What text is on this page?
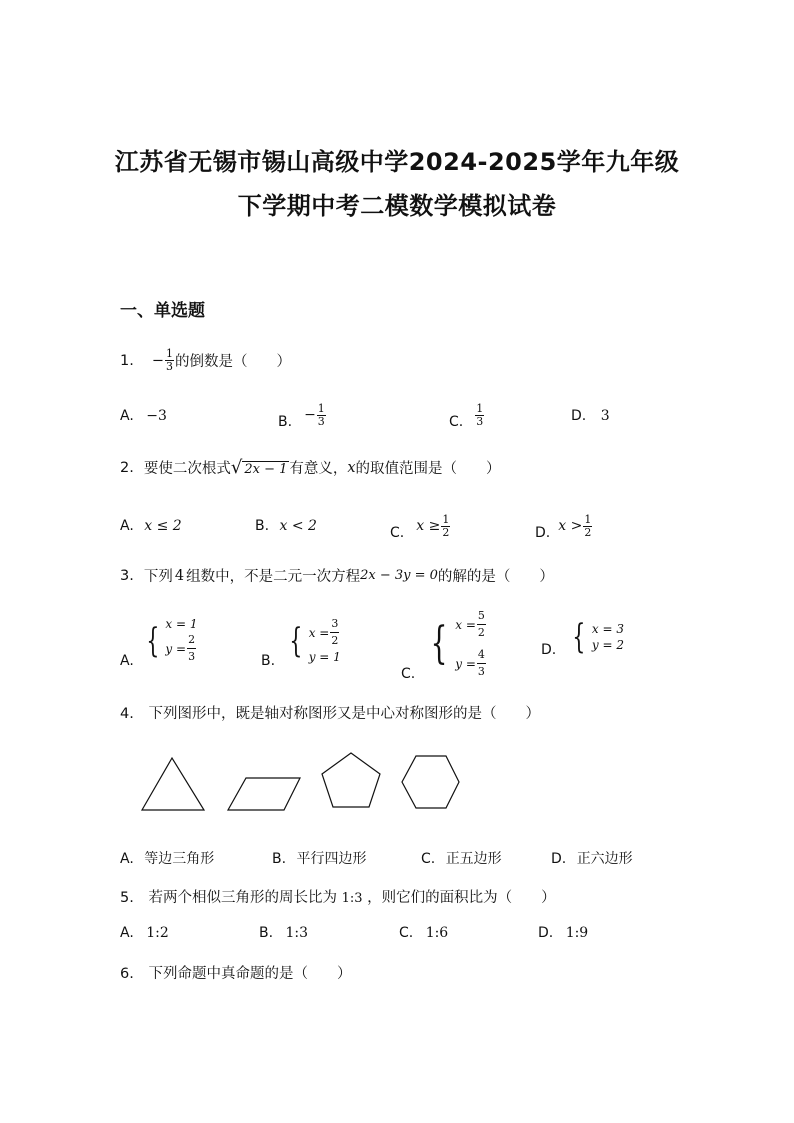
江苏省无锡市锡山高级中学2024-2025学年九年级
下学期中考二模数学模拟试卷
一、单选题
1. − $\frac{1}{3}$ 的倒数是（　　）
A. −3	B. − $\frac{1}{3}$	C. $\frac{1}{3}$	D. 3
2. 要使二次根式 √ 2x − 1 有意义， x 的取值范围是（　　）
A. x ≤ 2	B. x < 2	C. $x \ge \frac{1}{2}$	D. $x > \frac{1}{2}$
3. 下列 4 组数中，不是二元一次方程 2x − 3y = 0 的解的是（　　）
A.
{ x = 1
$y = \frac{2}{3}$	B.
{ $x = \frac{3}{2}$
y = 1
C.
{ $x = \frac{5}{2}$
$y = \frac{4}{3}$	D. { x = 3
y = 2
4. 下列图形中，既是轴对称图形又是中心对称图形的是（　　）
A. 等边三角形	B. 平行四边形	C. 正五边形	D. 正六边形
5. 若两个相似三角形的周长比为 1:3 ，则它们的面积比为（　　）
A. 1:2	B. 1:3	C. 1:6	D. 1:9
6. 下列命题中真命题的是（　　）
